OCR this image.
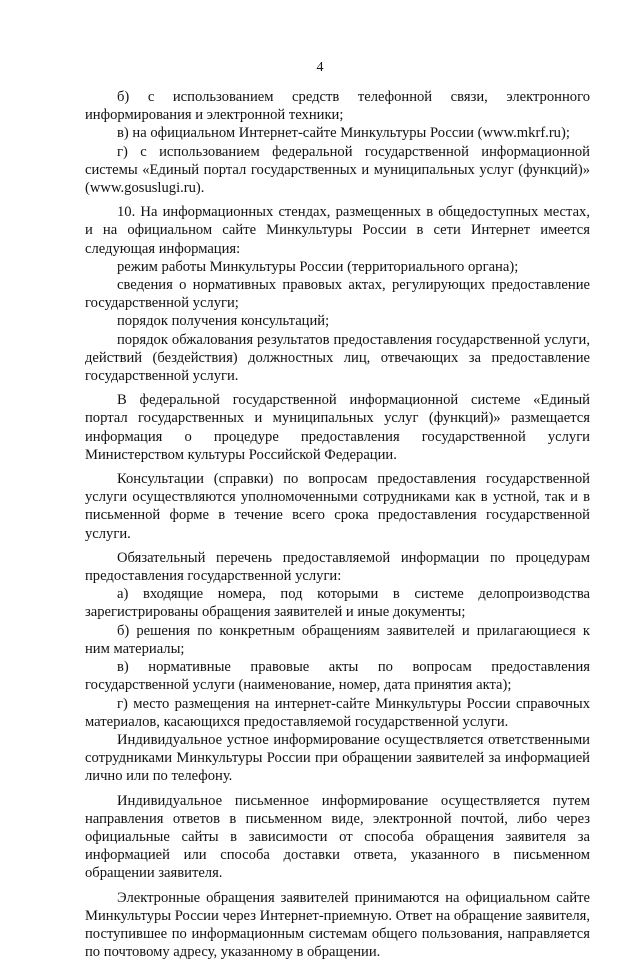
4

б) с использованием средств телефонной связи, электронного информирования и электронной техники;

в) на официальном Интернет-сайте Минкультуры России (www.mkrf.ru);

г) с использованием федеральной государственной информационной системы «Единый портал государственных и муниципальных услуг (функций)» (www.gosuslugi.ru).

10. На информационных стендах, размещенных в общедоступных местах, и на официальном сайте Минкультуры России в сети Интернет имеется следующая информация:

режим работы Минкультуры России (территориального органа);

сведения о нормативных правовых актах, регулирующих предоставление государственной услуги;

порядок получения консультаций;

порядок обжалования результатов предоставления государственной услуги, действий (бездействия) должностных лиц, отвечающих за предоставление государственной услуги.

В федеральной государственной информационной системе «Единый портал государственных и муниципальных услуг (функций)» размещается информация о процедуре предоставления государственной услуги Министерством культуры Российской Федерации.

Консультации (справки) по вопросам предоставления государственной услуги осуществляются уполномоченными сотрудниками как в устной, так и в письменной форме в течение всего срока предоставления государственной услуги.

Обязательный перечень предоставляемой информации по процедурам предоставления государственной услуги:

а) входящие номера, под которыми в системе делопроизводства зарегистрированы обращения заявителей и иные документы;

б) решения по конкретным обращениям заявителей и прилагающиеся к ним материалы;

в) нормативные правовые акты по вопросам предоставления государственной услуги (наименование, номер, дата принятия акта);

г) место размещения на интернет-сайте Минкультуры России справочных материалов, касающихся предоставляемой государственной услуги.

Индивидуальное устное информирование осуществляется ответственными сотрудниками Минкультуры России при обращении заявителей за информацией лично или по телефону.

Индивидуальное письменное информирование осуществляется путем направления ответов в письменном виде, электронной почтой, либо через официальные сайты в зависимости от способа обращения заявителя за информацией или способа доставки ответа, указанного в письменном обращении заявителя.

Электронные обращения заявителей принимаются на официальном сайте Минкультуры России через Интернет-приемную. Ответ на обращение заявителя, поступившее по информационным системам общего пользования, направляется по почтовому адресу, указанному в обращении.
